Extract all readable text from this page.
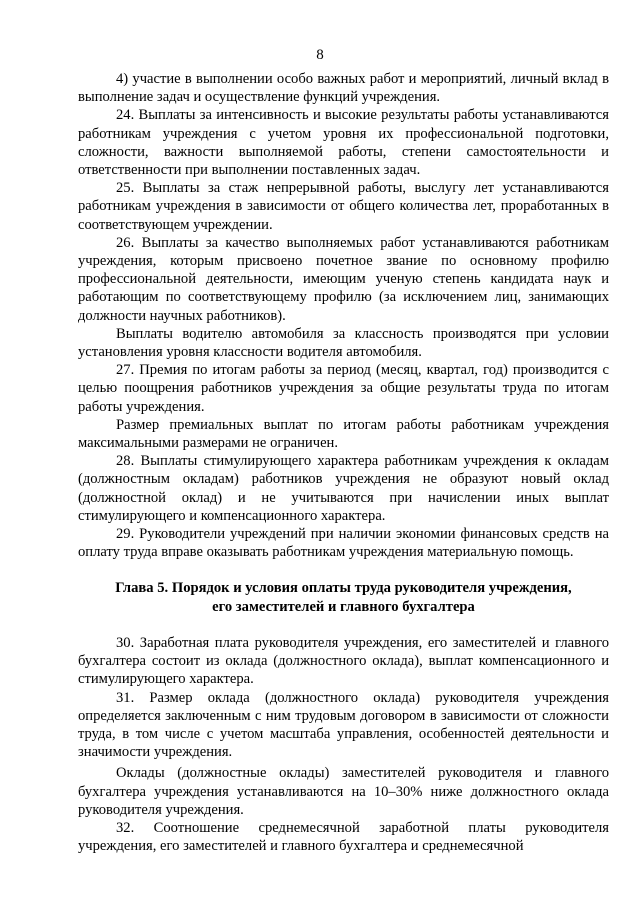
8

4) участие в выполнении особо важных работ и мероприятий, личный вклад в выполнение задач и осуществление функций учреждения.

24. Выплаты за интенсивность и высокие результаты работы устанавливаются работникам учреждения с учетом уровня их профессиональной подготовки, сложности, важности выполняемой работы, степени самостоятельности и ответственности при выполнении поставленных задач.

25. Выплаты за стаж непрерывной работы, выслугу лет устанавливаются работникам учреждения в зависимости от общего количества лет, проработанных в соответствующем учреждении.

26. Выплаты за качество выполняемых работ устанавливаются работникам учреждения, которым присвоено почетное звание по основному профилю профессиональной деятельности, имеющим ученую степень кандидата наук и работающим по соответствующему профилю (за исключением лиц, занимающих должности научных работников).

Выплаты водителю автомобиля за классность производятся при условии установления уровня классности водителя автомобиля.

27. Премия по итогам работы за период (месяц, квартал, год) производится с целью поощрения работников учреждения за общие результаты труда по итогам работы учреждения.

Размер премиальных выплат по итогам работы работникам учреждения максимальными размерами не ограничен.

28. Выплаты стимулирующего характера работникам учреждения к окладам (должностным окладам) работников учреждения не образуют новый оклад (должностной оклад) и не учитываются при начислении иных выплат стимулирующего и компенсационного характера.

29. Руководители учреждений при наличии экономии финансовых средств на оплату труда вправе оказывать работникам учреждения материальную помощь.

Глава 5. Порядок и условия оплаты труда руководителя учреждения,
его заместителей и главного бухгалтера

30. Заработная плата руководителя учреждения, его заместителей и главного бухгалтера состоит из оклада (должностного оклада), выплат компенсационного и стимулирующего характера.

31. Размер оклада (должностного оклада) руководителя учреждения определяется заключенным с ним трудовым договором в зависимости от сложности труда, в том числе с учетом масштаба управления, особенностей деятельности и значимости учреждения.

Оклады (должностные оклады) заместителей руководителя и главного бухгалтера учреждения устанавливаются на 10–30% ниже должностного оклада руководителя учреждения.

32. Соотношение среднемесячной заработной платы руководителя учреждения, его заместителей и главного бухгалтера и среднемесячной
